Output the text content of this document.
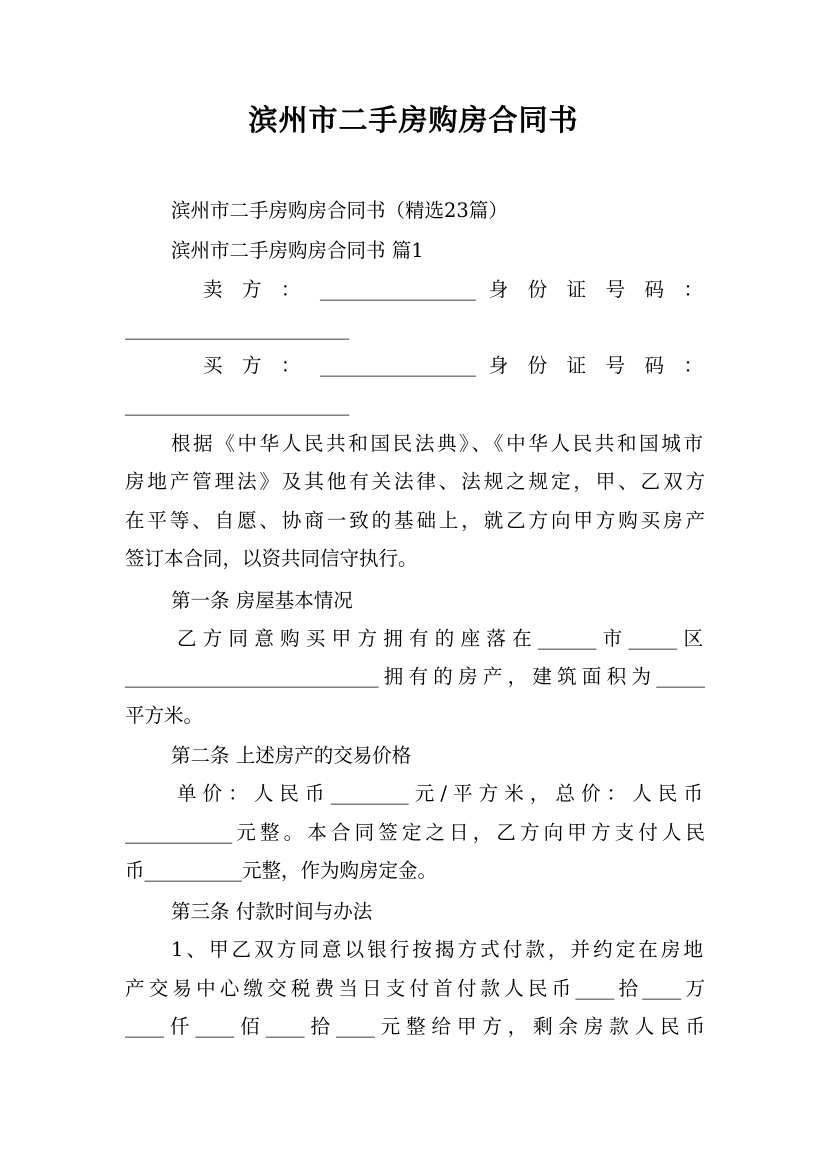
滨州市二手房购房合同书
滨州市二手房购房合同书（精选23篇）
滨州市二手房购房合同书 篇1
卖 方 ： ________________ 身 份 证 号 码 ：
_______________________
买 方 ： ________________ 身 份 证 号 码 ：
_______________________
根据《中华人民共和国民法典》、《中华人民共和国城市
房地产管理法》及其他有关法律、法规之规定，甲、乙双方
在平等、自愿、协商一致的基础上，就乙方向甲方购买房产
签订本合同，以资共同信守执行。
第一条 房屋基本情况
乙方同意购买甲方拥有的座落在______市_____区
__________________________拥有的房产，建筑面积为_____
平方米。
第二条 上述房产的交易价格
单价：人民币________元/平方米，总价：人民币
___________元整。本合同签定之日，乙方向甲方支付人民
币__________元整，作为购房定金。
第三条 付款时间与办法
1、甲乙双方同意以银行按揭方式付款，并约定在房地
产交易中心缴交税费当日支付首付款人民币____拾____万
____仟____佰____拾____元整给甲方，剩余房款人民币
